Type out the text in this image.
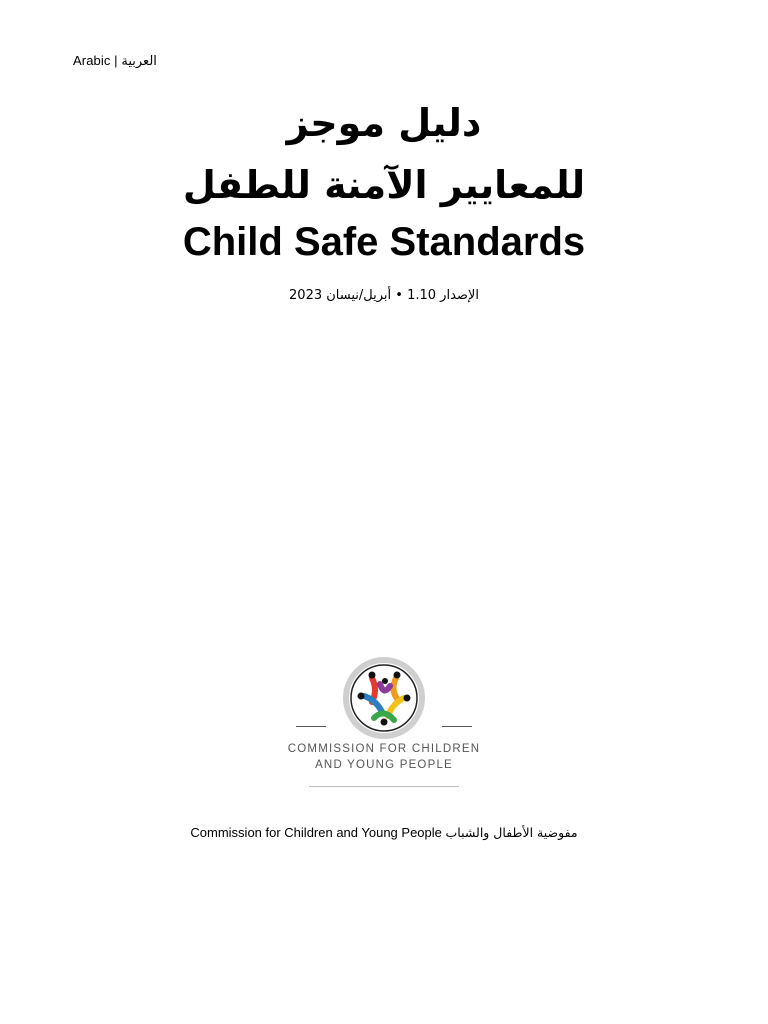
Arabic | العربية
دليل موجز
للمعايير الآمنة للطفل
Child Safe Standards
الإصدار 1.10 • أبريل/نيسان 2023
COMMISSION FOR CHILDREN
AND YOUNG PEOPLE
Commission for Children and Young People مفوضية الأطفال والشباب
